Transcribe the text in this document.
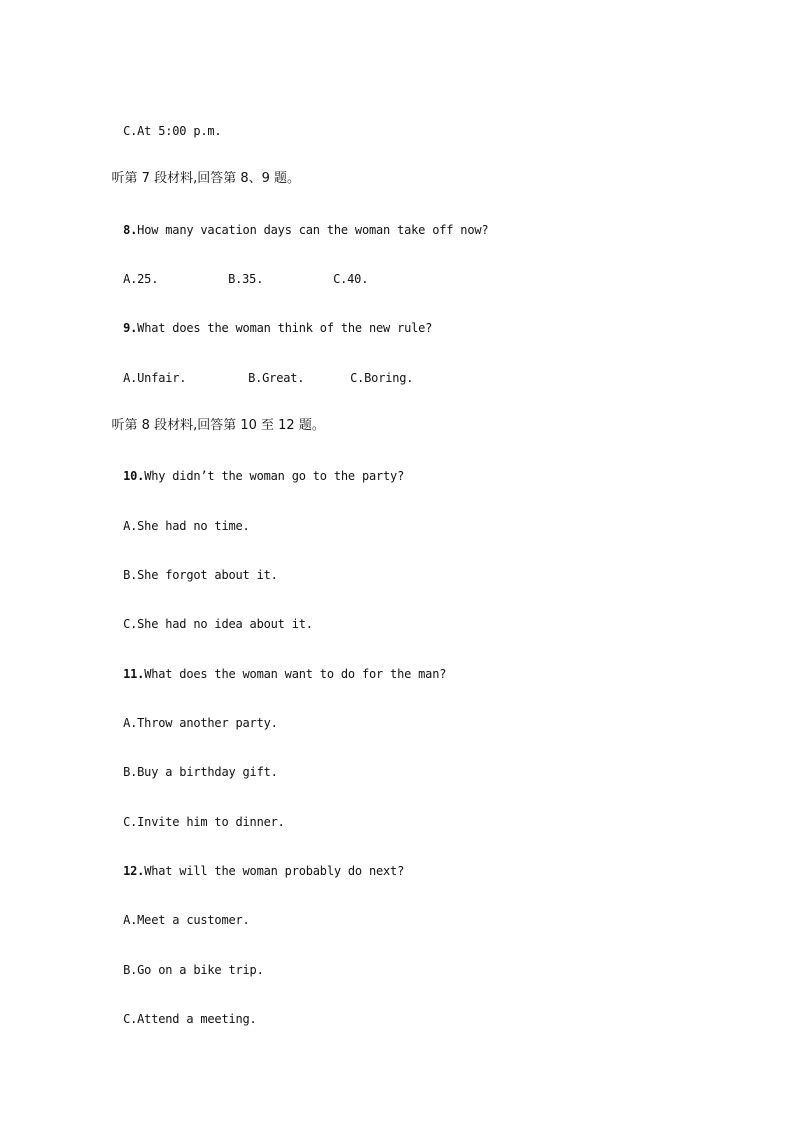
C.At 5:00 p.m.

听第 7 段材料,回答第 8、9 题。

8.How many vacation days can the woman take off now?

A.25.	B.35.	C.40.

9.What does the woman think of the new rule?

A.Unfair.	B.Great.	C.Boring.

听第 8 段材料,回答第 10 至 12 题。

10.Why didn’t the woman go to the party?

A.She had no time.

B.She forgot about it.

C.She had no idea about it.

11.What does the woman want to do for the man?

A.Throw another party.

B.Buy a birthday gift.

C.Invite him to dinner.

12.What will the woman probably do next?

A.Meet a customer.

B.Go on a bike trip.

C.Attend a meeting.
